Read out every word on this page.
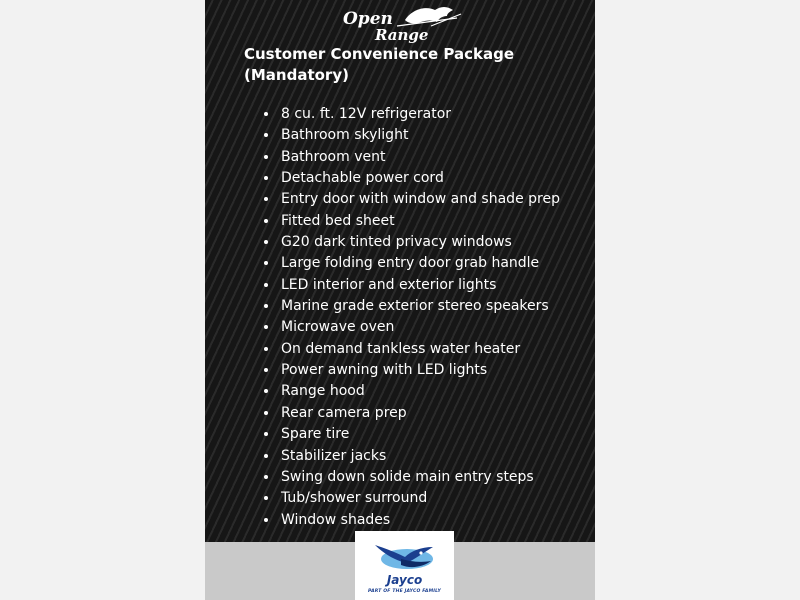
Open
Range
Customer Convenience Package (Mandatory)
• 8 cu. ft. 12V refrigerator
• Bathroom skylight
• Bathroom vent
• Detachable power cord
• Entry door with window and shade prep
• Fitted bed sheet
• G20 dark tinted privacy windows
• Large folding entry door grab handle
• LED interior and exterior lights
• Marine grade exterior stereo speakers
• Microwave oven
• On demand tankless water heater
• Power awning with LED lights
• Range hood
• Rear camera prep
• Spare tire
• Stabilizer jacks
• Swing down solide main entry steps
• Tub/shower surround
• Window shades
Jayco
PART OF THE JAYCO FAMILY
